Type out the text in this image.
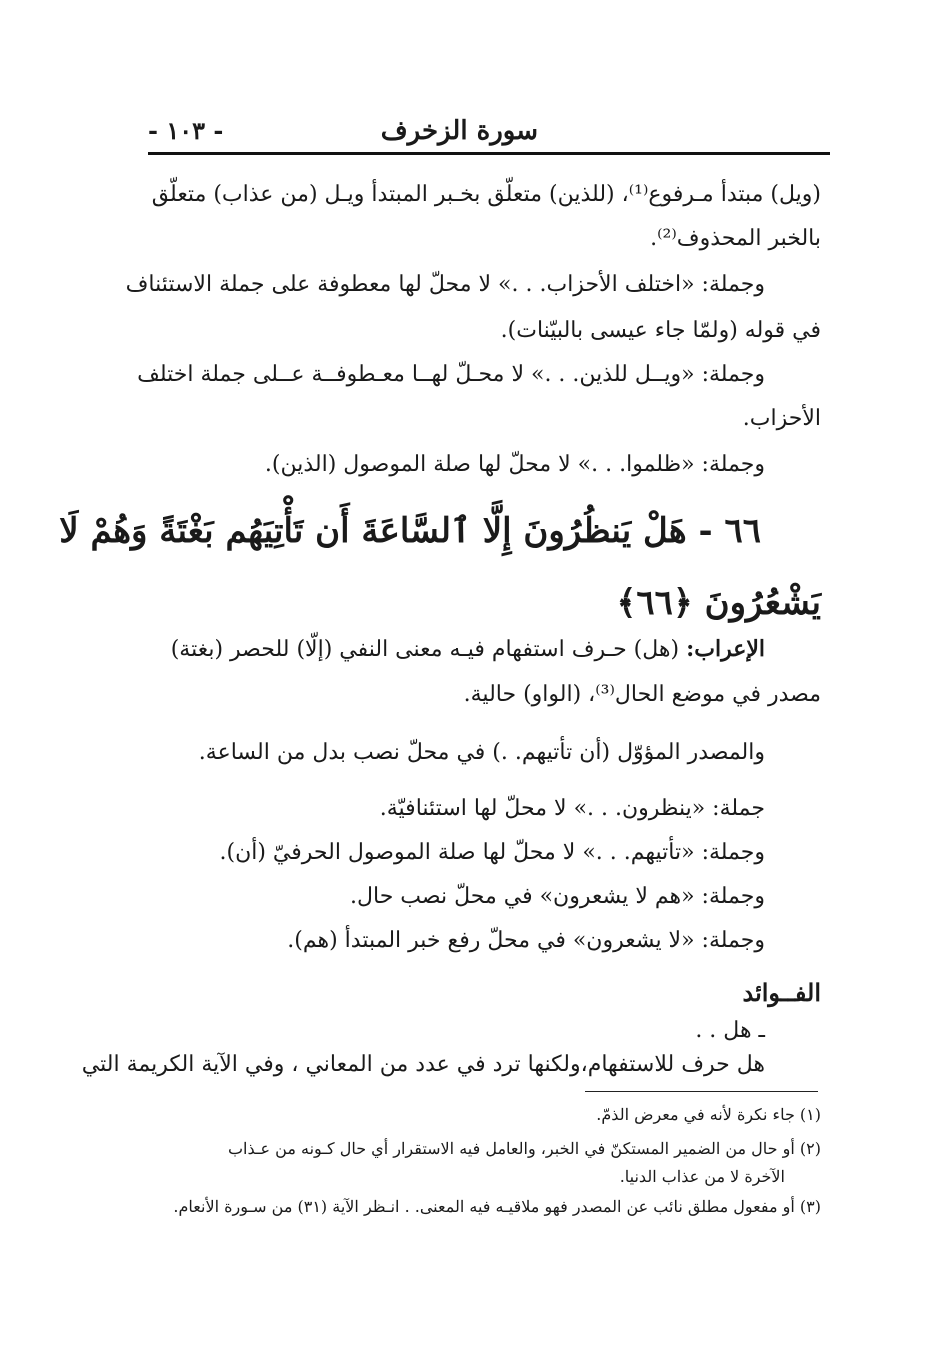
سورة الزخرف
- ١٠٣ -
(ويل) مبتدأ مـرفوع⁽¹⁾، (للذين) متعلّق بخـبر المبتدأ ويـل (من عذاب) متعلّق
بالخبر المحذوف⁽²⁾.
وجملة: «اختلف الأحزاب. . .» لا محلّ لها معطوفة على جملة الاستئناف
في قوله (ولمّا جاء عيسى بالبيّنات).
وجملة: «ويــل للذين. . .» لا محـلّ لهــا معـطوفــة عــلى جملة اختلف
الأحزاب.
وجملة: «ظلموا. . .» لا محلّ لها صلة الموصول (الذين).
٦٦ - هَلْ يَنظُرُونَ إِلَّا ٱلسَّاعَةَ أَن تَأْتِيَهُم بَغْتَةً وَهُمْ لَا
يَشْعُرُونَ ﴿٦٦﴾
الإعراب: (هل) حـرف استفهام فيـه معنى النفي (إلّا) للحصر (بغتة)
مصدر في موضع الحال⁽³⁾، (الواو) حالية.
والمصدر المؤوّل (أن تأتيهم. .) في محلّ نصب بدل من الساعة.
جملة: «ينظرون. . .» لا محلّ لها استئنافيّة.
وجملة: «تأتيهم. . .» لا محلّ لها صلة الموصول الحرفيّ (أن).
وجملة: «هم لا يشعرون» في محلّ نصب حال.
وجملة: «لا يشعرون» في محلّ رفع خبر المبتدأ (هم).
الفــوائد
ـ هل . .
هل حرف للاستفهام،ولكنها ترد في عدد من المعاني ، وفي الآية الكريمة التي
(١) جاء نكرة لأنه في معرض الذمّ.
(٢) أو حال من الضمير المستكنّ في الخبر، والعامل فيه الاستقرار أي حال كـونه من عـذاب
الآخرة لا من عذاب الدنيا.
(٣) أو مفعول مطلق نائب عن المصدر فهو ملاقيـه فيه المعنى. . انـظر الآية (٣١) من سـورة الأنعام.
